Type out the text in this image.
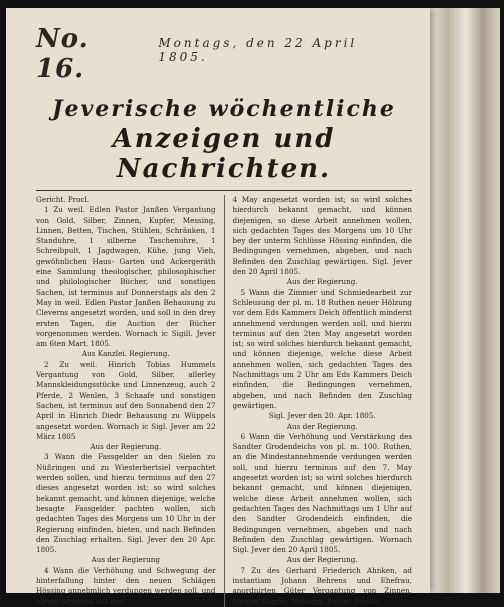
No. 16.
Montags, den 22 April 1805.
Jeverische wöchentliche
Anzeigen und Nachrichten.

Gericht. Procl.

1 Zu weil. Edlen Pastor Janßen Vergantung von Gold, Silber, Zinnen, Kupfer, Messing, Linnen, Betten, Tischen, Stühlen, Schränken, 1 Standuhre, 1 silberne Taschenuhre, 1 Schreibpult, 1 Jagdwagen, Kühe, jung Vieh, gewöhnlichen Haus- Garten und Ackergeräth eine Sammlung theologischer, philosophischer und philologischer Bücher, und sonstigen Sachen, ist terminus auf Donnerstags als den 2 May in weil. Edlen Pastor Janßen Behausung zu Cleverns angesetzt worden, und soll in den drey ersten Tagen, die Auction der Bücher vorgenommen werden. Wornach ic Sigill. Jever am 6ten Mart. 1805.

Aus Kanzlei. Regierung.

2 Zu weil. Hinrich Tobias Hummels Vergantung von Gold, Silber, allerley Mannskleidungsstücke und Linnenzeug, auch 2 Pferde, 2 Wenlen, 3 Schaafe und sonstigen Sachen, ist terminus auf den Sonnabend den 27 April in Hinrich Diedr Behausung zu Wüppels angesetzt worden. Wornach ic Sigl. Jever am 22 März 1805

Aus der Regierung.

3 Wann die Fassgelder an den Sielen zu Nüßringen und zu Wiesterbertsiel verpachtet werden sollen, und hierzu terminus auf den 27 dieses angesetzt worden ist; so wird solches bekannt gemacht, und können diejenige, welche besagte Fassgelder pachten wollen, sich gedachten Tages des Morgens um 10 Uhr in der Regierung einfinden, bieten, und nach Befinden den Zuschlag erhalten. Sigl. Jever den 20 Apr. 1805.

Aus der Regierung

4 Wann die Verhöhung und Schwegung der hinterfallung hinter den neuen Schlägen Hössing annehmlich verdungen werden soll, und hierzu terminus auf den

4 May angesetzt worden ist; so wird solches hierdurch bekannt gemacht, und können diejenigen, so diese Arbeit annehmen wollen, sich gedachten Tages des Morgens um 10 Uhr bey der unterm Schlüsse Hössing einfinden, die Bedingungen vernehmen, abgeben, und nach Befinden den Zuschlag gewärtigen. Sigl. Jever den 20 April 1805.

Aus der Regierung.

5 Wann die Zimmer und Schmiedearbeit zur Schleusung der pl. m. 18 Ruthen neuer Hölzung vor dem Eds Kammers Deich öffentlich minderst annehmend verdungen werden soll, und hierzu terminus auf den 2ten May angesetzt worden ist; so wird solches hierdurch bekannt gemacht, und können diejenige, welche diese Arbeit annehmen wollen, sich gedachten Tages des Nachmittags um 2 Uhr am Eds Kammers Deich einfinden, die Bedingungen vernehmen, abgeben, und nach Befinden den Zuschlag gewärtigen.

Sigl. Jever den 20. Apr. 1805.

Aus der Regierung.

6 Wann die Verhöhung und Verstärkung des Sandter Grodendeichs von pl. m. 100. Ruthen, an die Mindestannehmende verdungen werden soll, und hierzu terminus auf den 7. May angesetzt worden ist; so wird solches hierdurch bekannt gemacht, und können diejenigen, welche diese Arbeit annehmen wollen, sich gedachten Tages des Nachmittags um 1 Uhr auf den Sandter Grodendeich einfinden, die Bedingungen vernehmen, abgeben und nach Befinden den Zuschlag gewärtigen. Wornach Sigl. Jever den 20 April 1805.

Aus der Regierung.

7 Zu des Gerhard Friederich Ahnken, ad instantiam Johann Behrens und Ehefrau, anordnirten Güter Vergantung von Zinnen, Linnen, Kupfer, Messing, Tische, Stühle,
